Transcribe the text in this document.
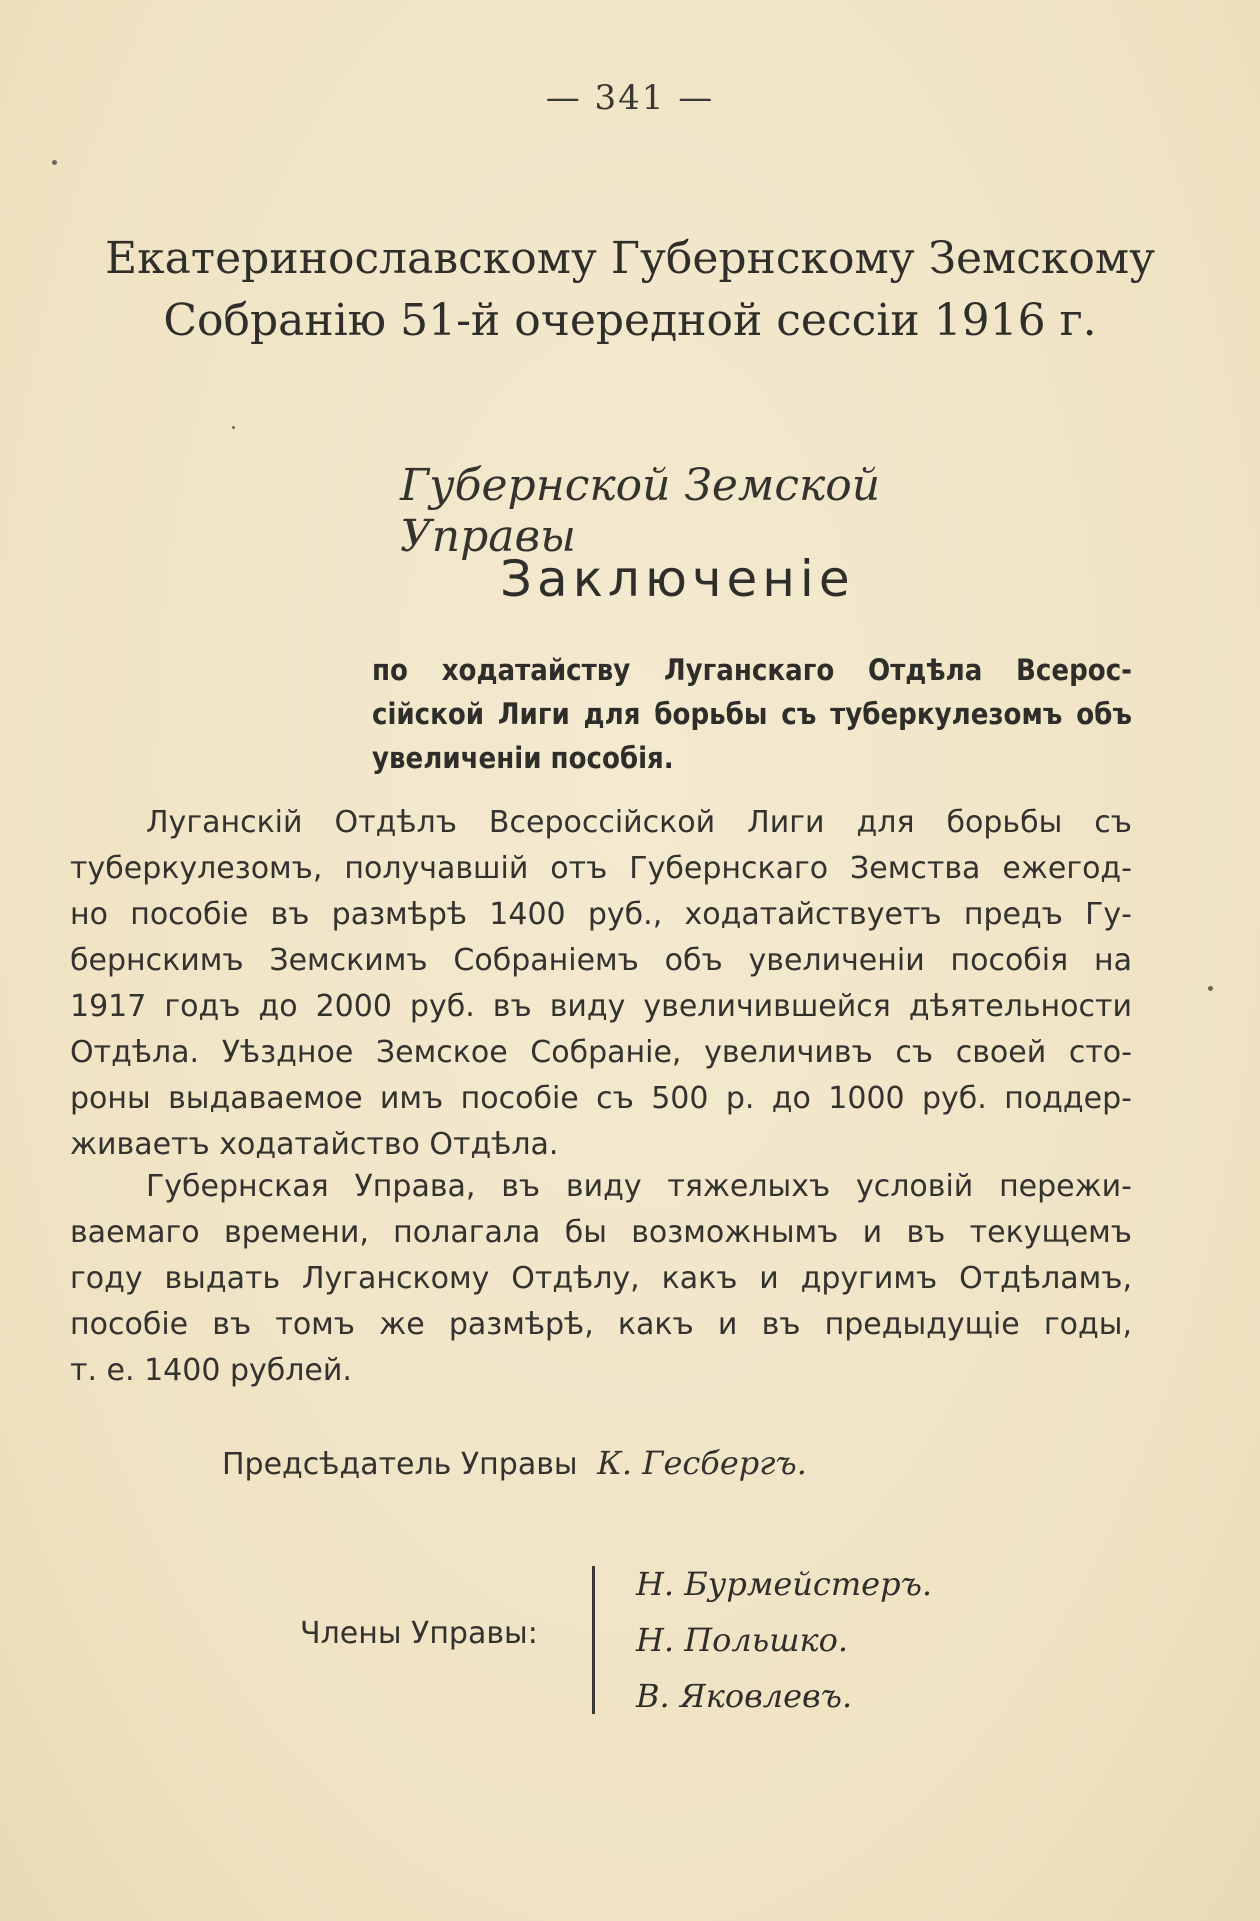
— 341 —
Екатеринославскому Губернскому Земскому
Собранію 51-й очередной сессіи 1916 г.
Губернской Земской Управы
Заключеніе
по ходатайству Луганскаго Отдѣла Всерос-
сійской Лиги для борьбы съ туберкулезомъ объ
увеличеніи пособія.
Луганскій Отдѣлъ Всероссійской Лиги для борьбы съ
туберкулезомъ, получавшій отъ Губернскаго Земства ежегод-
но пособіе въ размѣрѣ 1400 руб., ходатайствуетъ предъ Гу-
бернскимъ Земскимъ Собраніемъ объ увеличеніи пособія на
1917 годъ до 2000 руб. въ виду увеличившейся дѣятельности
Отдѣла. Уѣздное Земское Собраніе, увеличивъ съ своей сто-
роны выдаваемое имъ пособіе съ 500 р. до 1000 руб. поддер-
живаетъ ходатайство Отдѣла.
Губернская Управа, въ виду тяжелыхъ условій пережи-
ваемаго времени, полагала бы возможнымъ и въ текущемъ
году выдать Луганскому Отдѣлу, какъ и другимъ Отдѣламъ,
пособіе въ томъ же размѣрѣ, какъ и въ предыдущіе годы,
т. е. 1400 рублей.
Предсѣдатель Управы К. Гесбергъ.
Члены Управы:
Н. Бурмейстеръ.
Н. Польшко.
В. Яковлевъ.
